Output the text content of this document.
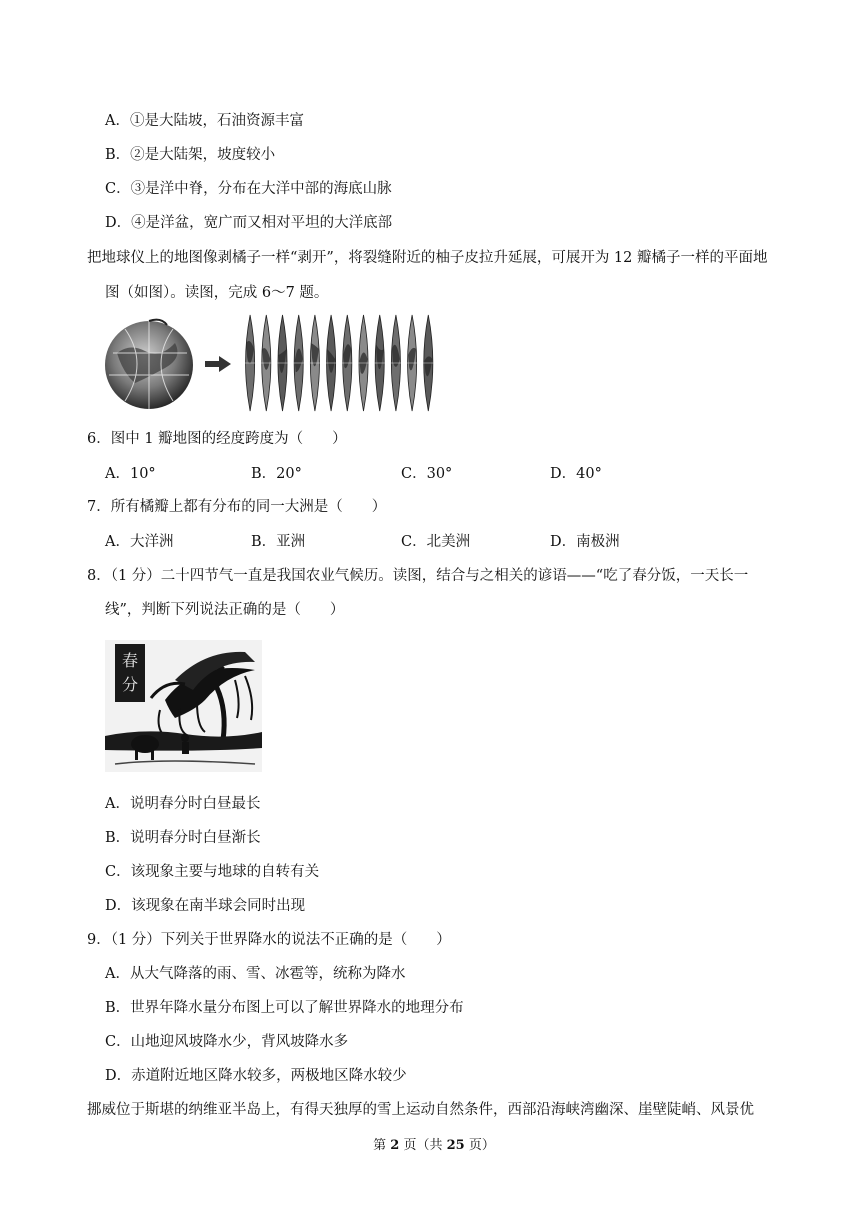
A．①是大陆坡，石油资源丰富
B．②是大陆架，坡度较小
C．③是洋中脊，分布在大洋中部的海底山脉
D．④是洋盆，宽广而又相对平坦的大洋底部
把地球仪上的地图像剥橘子一样“剥开”，将裂缝附近的柚子皮拉升延展，可展开为 12 瓣橘子一样的平面地
图（如图）。读图，完成 6～7 题。
6．图中 1 瓣地图的经度跨度为（　　）
A．10°	B．20°	C．30°	D．40°
7．所有橘瓣上都有分布的同一大洲是（　　）
A．大洋洲	B．亚洲	C．北美洲	D．南极洲
8．（1 分）二十四节气一直是我国农业气候历。读图，结合与之相关的谚语——“吃了春分饭，一天长一
线”，判断下列说法正确的是（　　）
春
分
A．说明春分时白昼最长
B．说明春分时白昼渐长
C．该现象主要与地球的自转有关
D．该现象在南半球会同时出现
9．（1 分）下列关于世界降水的说法不正确的是（　　）
A．从大气降落的雨、雪、冰雹等，统称为降水
B．世界年降水量分布图上可以了解世界降水的地理分布
C．山地迎风坡降水少，背风坡降水多
D．赤道附近地区降水较多，两极地区降水较少
挪威位于斯堪的纳维亚半岛上，有得天独厚的雪上运动自然条件，西部沿海峡湾幽深、崖壁陡峭、风景优
第 2 页（共 25 页）
